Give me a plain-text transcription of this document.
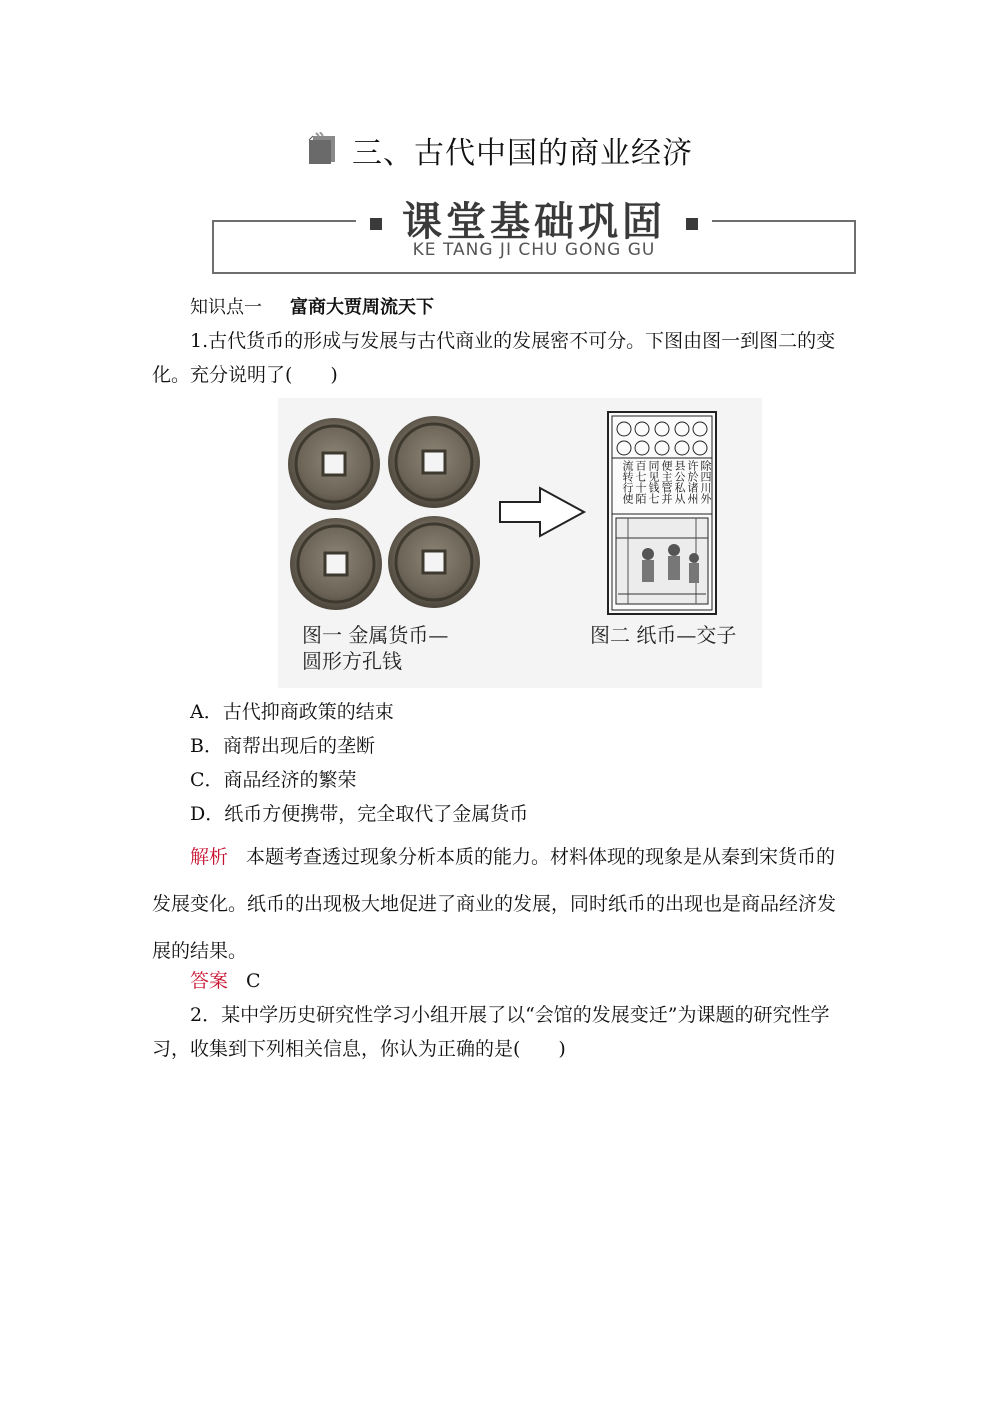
三、古代中国的商业经济
课堂基础巩固
KE TANG JI CHU GONG GU
知识点一 富商大贾周流天下
1.古代货币的形成与发展与古代商业的发展密不可分。下图由图一到图二的变化。充分说明了(　　)
除四川外许於诸州县公私从便主管并同见钱七百七十陌流转行使
图一 金属货币—
圆形方孔钱
图二 纸币—交子
A．古代抑商政策的结束
B．商帮出现后的垄断
C．商品经济的繁荣
D．纸币方便携带，完全取代了金属货币
解析 本题考查透过现象分析本质的能力。材料体现的现象是从秦到宋货币的发展变化。纸币的出现极大地促进了商业的发展，同时纸币的出现也是商品经济发展的结果。
答案 C
2．某中学历史研究性学习小组开展了以“会馆的发展变迁”为课题的研究性学习，收集到下列相关信息，你认为正确的是(　　)
